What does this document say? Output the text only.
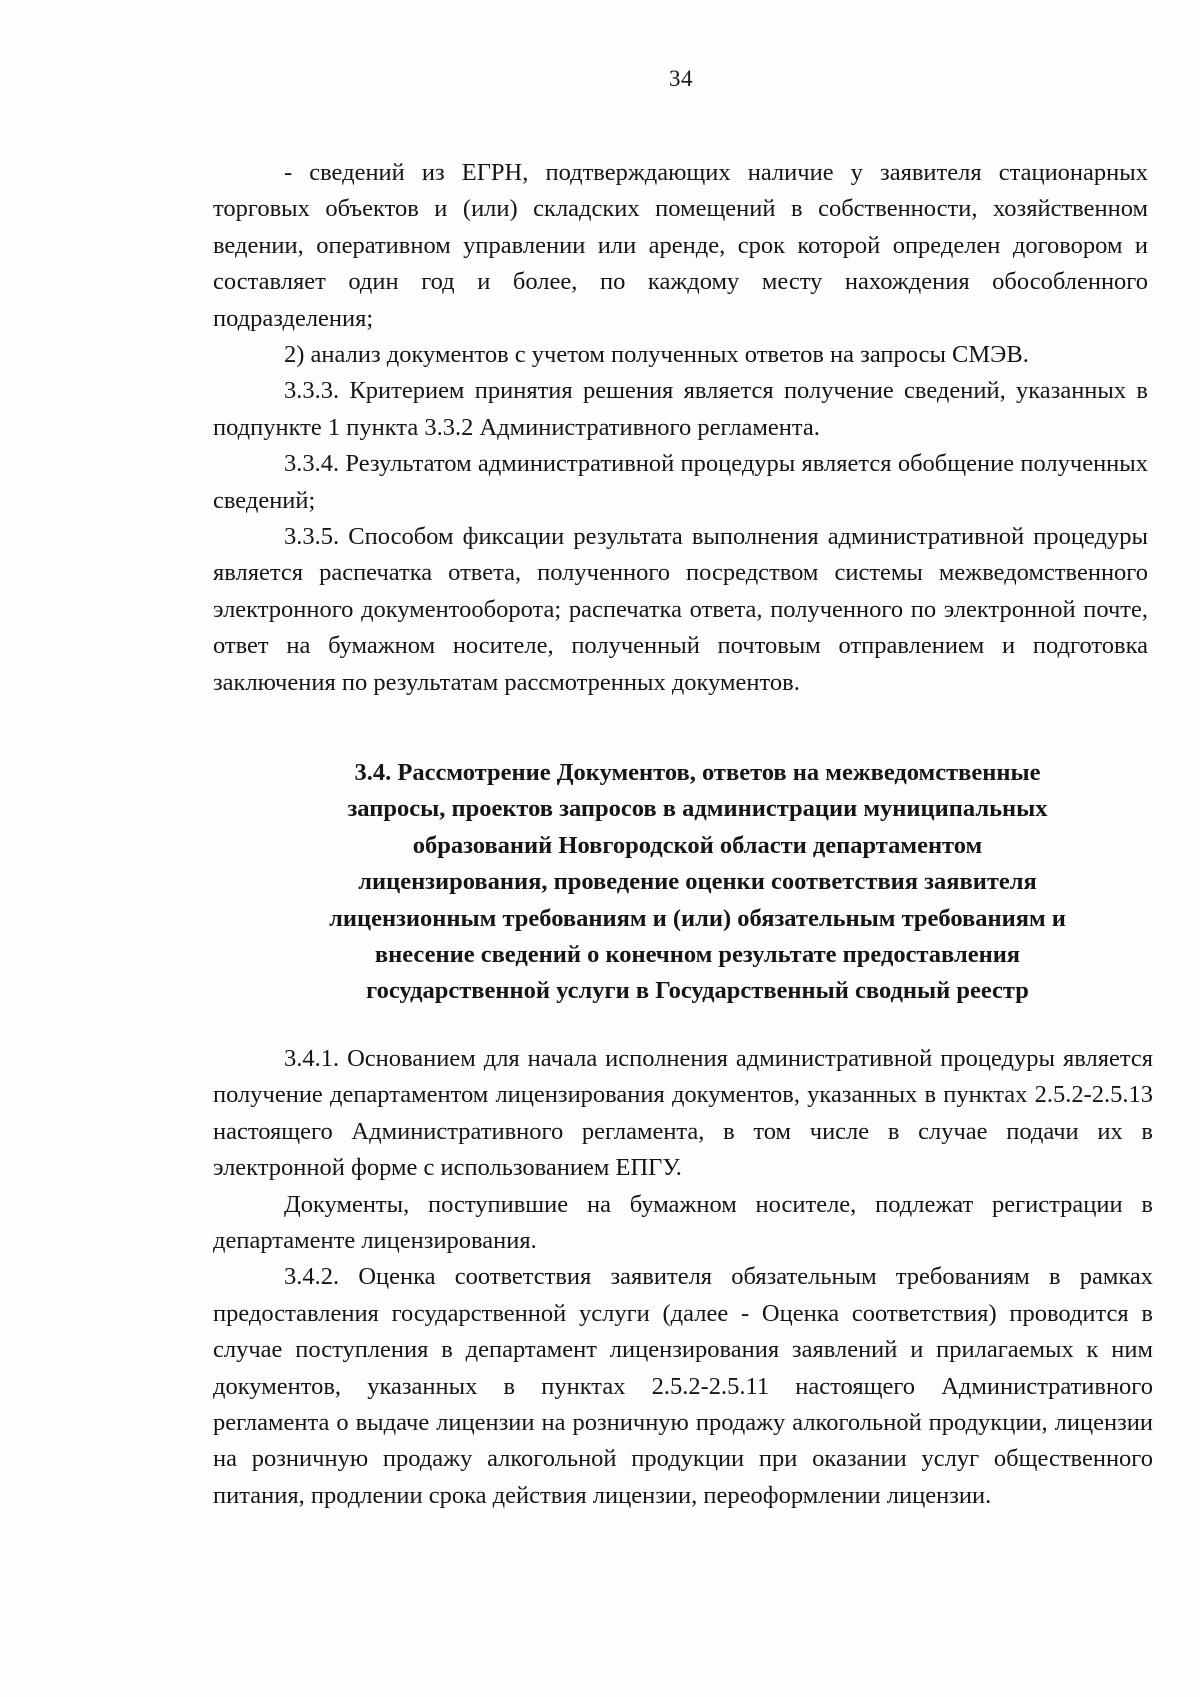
34

- сведений из ЕГРН, подтверждающих наличие у заявителя стационарных торговых объектов и (или) складских помещений в собственности, хозяйственном ведении, оперативном управлении или аренде, срок которой определен договором и составляет один год и более, по каждому месту нахождения обособленного подразделения;

2) анализ документов с учетом полученных ответов на запросы СМЭВ.

3.3.3. Критерием принятия решения является получение сведений, указанных в подпункте 1 пункта 3.3.2 Административного регламента.

3.3.4. Результатом административной процедуры является обобщение полученных сведений;

3.3.5. Способом фиксации результата выполнения административной процедуры является распечатка ответа, полученного посредством системы межведомственного электронного документооборота; распечатка ответа, полученного по электронной почте, ответ на бумажном носителе, полученный почтовым отправлением и подготовка заключения по результатам рассмотренных документов.

3.4. Рассмотрение Документов, ответов на межведомственные
запросы, проектов запросов в администрации муниципальных
образований Новгородской области департаментом
лицензирования, проведение оценки соответствия заявителя
лицензионным требованиям и (или) обязательным требованиям и
внесение сведений о конечном результате предоставления
государственной услуги в Государственный сводный реестр

3.4.1. Основанием для начала исполнения административной процедуры является получение департаментом лицензирования документов, указанных в пунктах 2.5.2-2.5.13 настоящего Административного регламента, в том числе в случае подачи их в электронной форме с использованием ЕПГУ.

Документы, поступившие на бумажном носителе, подлежат регистрации в департаменте лицензирования.

3.4.2. Оценка соответствия заявителя обязательным требованиям в рамках предоставления государственной услуги (далее - Оценка соответствия) проводится в случае поступления в департамент лицензирования заявлений и прилагаемых к ним документов, указанных в пунктах 2.5.2-2.5.11 настоящего Административного регламента о выдаче лицензии на розничную продажу алкогольной продукции, лицензии на розничную продажу алкогольной продукции при оказании услуг общественного питания, продлении срока действия лицензии, переоформлении лицензии.
